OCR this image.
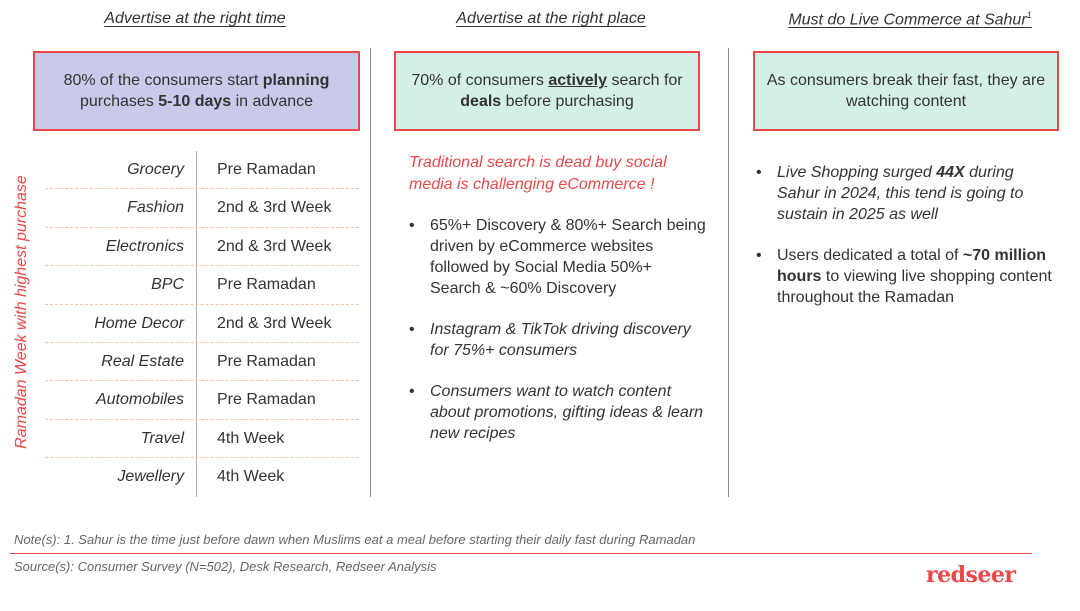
Advertise at the right time	Advertise at the right place	Must do Live Commerce at Sahur$^1$
80% of the consumers start planning purchases 5-10 days in advance
70% of consumers actively search for deals before purchasing
As consumers break their fast, they are watching content
Ramadan Week with highest purchase
Grocery Pre Ramadan
Fashion 2nd & 3rd Week
Electronics 2nd & 3rd Week
BPC Pre Ramadan
Home Decor 2nd & 3rd Week
Real Estate Pre Ramadan
Automobiles Pre Ramadan
Travel 4th Week
Jewellery 4th Week
Traditional search is dead buy social media is challenging eCommerce !
• 65%+ Discovery & 80%+ Search being driven by eCommerce websites followed by Social Media 50%+ Search & ~60% Discovery
• Instagram & TikTok driving discovery for 75%+ consumers
• Consumers want to watch content about promotions, gifting ideas & learn new recipes
• Live Shopping surged 44X during Sahur in 2024, this tend is going to sustain in 2025 as well
• Users dedicated a total of ~70 million hours to viewing live shopping content throughout the Ramadan
Note(s): 1. Sahur is the time just before dawn when Muslims eat a meal before starting their daily fast during Ramadan
Source(s): Consumer Survey (N=502), Desk Research, Redseer Analysis	redseer
